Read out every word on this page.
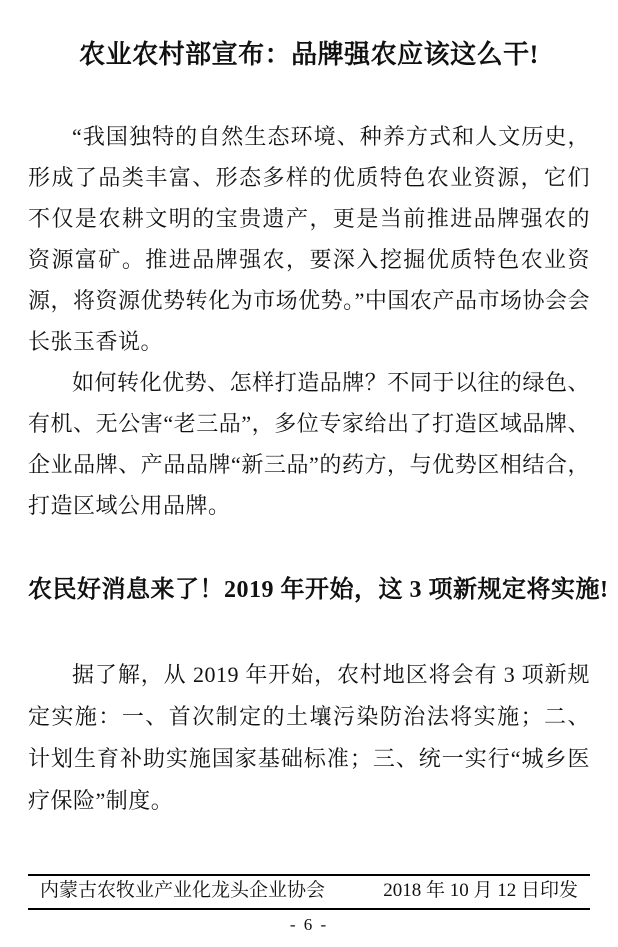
农业农村部宣布：品牌强农应该这么干!

“我国独特的自然生态环境、种养方式和人文历史，形成了品类丰富、形态多样的优质特色农业资源，它们不仅是农耕文明的宝贵遗产，更是当前推进品牌强农的资源富矿。推进品牌强农，要深入挖掘优质特色农业资源，将资源优势转化为市场优势。”中国农产品市场协会会长张玉香说。

如何转化优势、怎样打造品牌？不同于以往的绿色、有机、无公害“老三品”，多位专家给出了打造区域品牌、企业品牌、产品品牌“新三品”的药方，与优势区相结合，打造区域公用品牌。

农民好消息来了！2019 年开始，这 3 项新规定将实施!

据了解，从 2019 年开始，农村地区将会有 3 项新规定实施：一、首次制定的土壤污染防治法将实施；二、计划生育补助实施国家基础标准；三、统一实行“城乡医疗保险”制度。

内蒙古农牧业产业化龙头企业协会	2018 年 10 月 12 日印发
- 6 -
